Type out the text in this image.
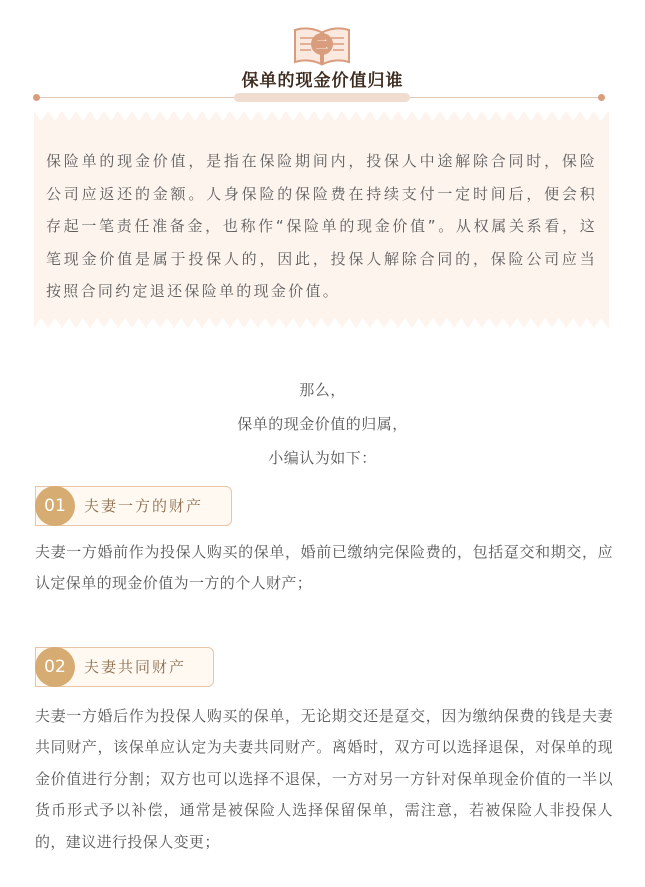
二
保单的现金价值归谁

保险单的现金价值，是指在保险期间内，投保人中途解除合同时，保险公司应返还的金额。人身保险的保险费在持续支付一定时间后，便会积存起一笔责任准备金，也称作“保险单的现金价值”。从权属关系看，这笔现金价值是属于投保人的，因此，投保人解除合同的，保险公司应当按照合同约定退还保险单的现金价值。

那么，
保单的现金价值的归属，
小编认为如下：
01	夫妻一方的财产

夫妻一方婚前作为投保人购买的保单，婚前已缴纳完保险费的，包括趸交和期交，应认定保单的现金价值为一方的个人财产；

02	夫妻共同财产

夫妻一方婚后作为投保人购买的保单，无论期交还是趸交，因为缴纳保费的钱是夫妻共同财产，该保单应认定为夫妻共同财产。离婚时，双方可以选择退保，对保单的现金价值进行分割；双方也可以选择不退保，一方对另一方针对保单现金价值的一半以货币形式予以补偿，通常是被保险人选择保留保单，需注意，若被保险人非投保人的，建议进行投保人变更；
